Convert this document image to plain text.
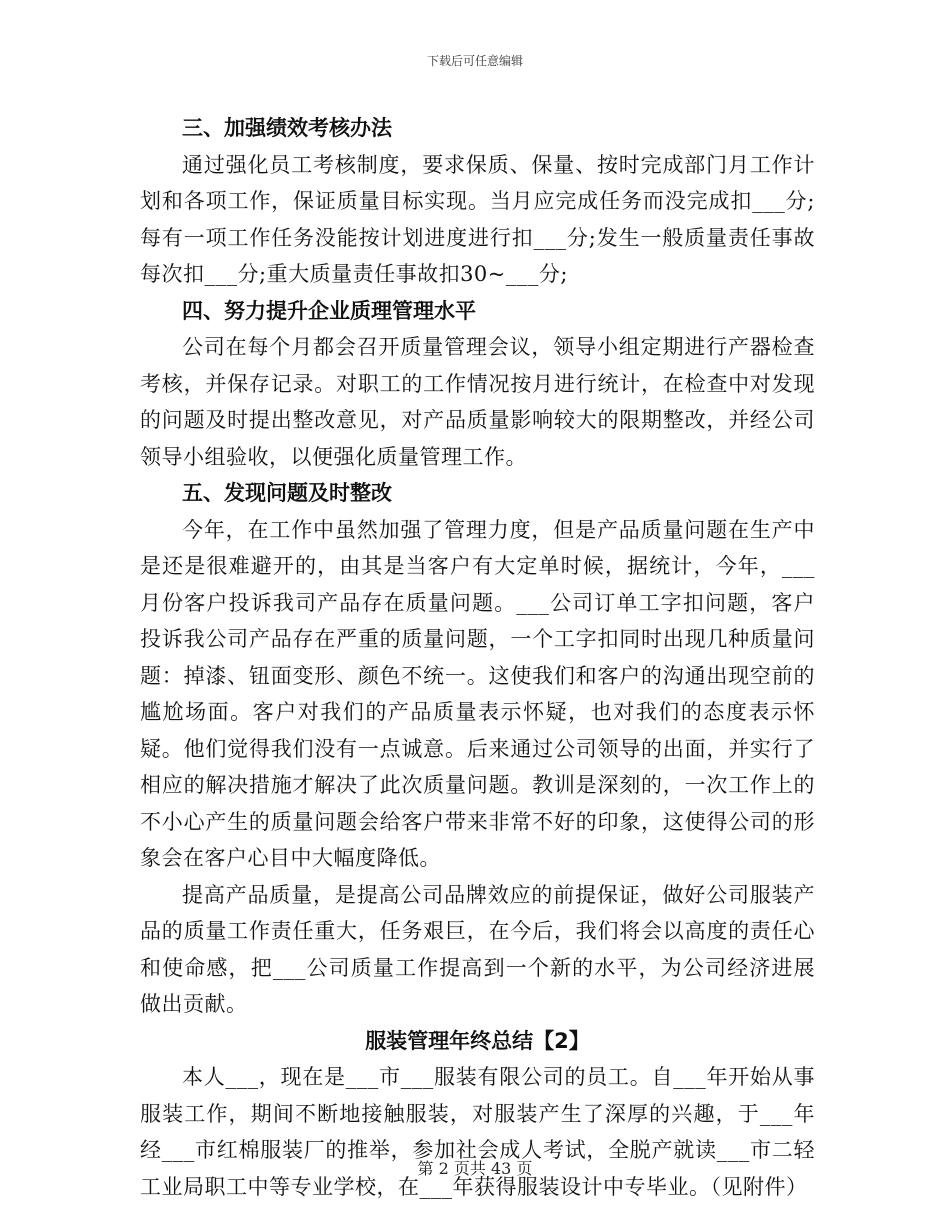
下载后可任意编辑

三、加强绩效考核办法

通过强化员工考核制度，要求保质、保量、按时完成部门月工作计划和各项工作，保证质量目标实现。当月应完成任务而没完成扣___分;每有一项工作任务没能按计划进度进行扣___分;发生一般质量责任事故每次扣___分;重大质量责任事故扣30~___分;

四、努力提升企业质理管理水平

公司在每个月都会召开质量管理会议，领导小组定期进行产器检查考核，并保存记录。对职工的工作情况按月进行统计，在检查中对发现的问题及时提出整改意见，对产品质量影响较大的限期整改，并经公司领导小组验收，以便强化质量管理工作。

五、发现问题及时整改

今年，在工作中虽然加强了管理力度，但是产品质量问题在生产中是还是很难避开的，由其是当客户有大定单时候，据统计，今年，___月份客户投诉我司产品存在质量问题。___公司订单工字扣问题，客户投诉我公司产品存在严重的质量问题，一个工字扣同时出现几种质量问题：掉漆、钮面变形、颜色不统一。这使我们和客户的沟通出现空前的尴尬场面。客户对我们的产品质量表示怀疑，也对我们的态度表示怀疑。他们觉得我们没有一点诚意。后来通过公司领导的出面，并实行了相应的解决措施才解决了此次质量问题。教训是深刻的，一次工作上的不小心产生的质量问题会给客户带来非常不好的印象，这使得公司的形象会在客户心目中大幅度降低。

提高产品质量，是提高公司品牌效应的前提保证，做好公司服装产品的质量工作责任重大，任务艰巨，在今后，我们将会以高度的责任心和使命感，把___公司质量工作提高到一个新的水平，为公司经济进展做出贡献。

服装管理年终总结【2】

本人___，现在是___市___服装有限公司的员工。自___年开始从事服装工作，期间不断地接触服装，对服装产生了深厚的兴趣，于___年经___市红棉服装厂的推举，参加社会成人考试，全脱产就读___市二轻工业局职工中等专业学校，在___年获得服装设计中专毕业。（见附件）

第 2 页共 43 页
